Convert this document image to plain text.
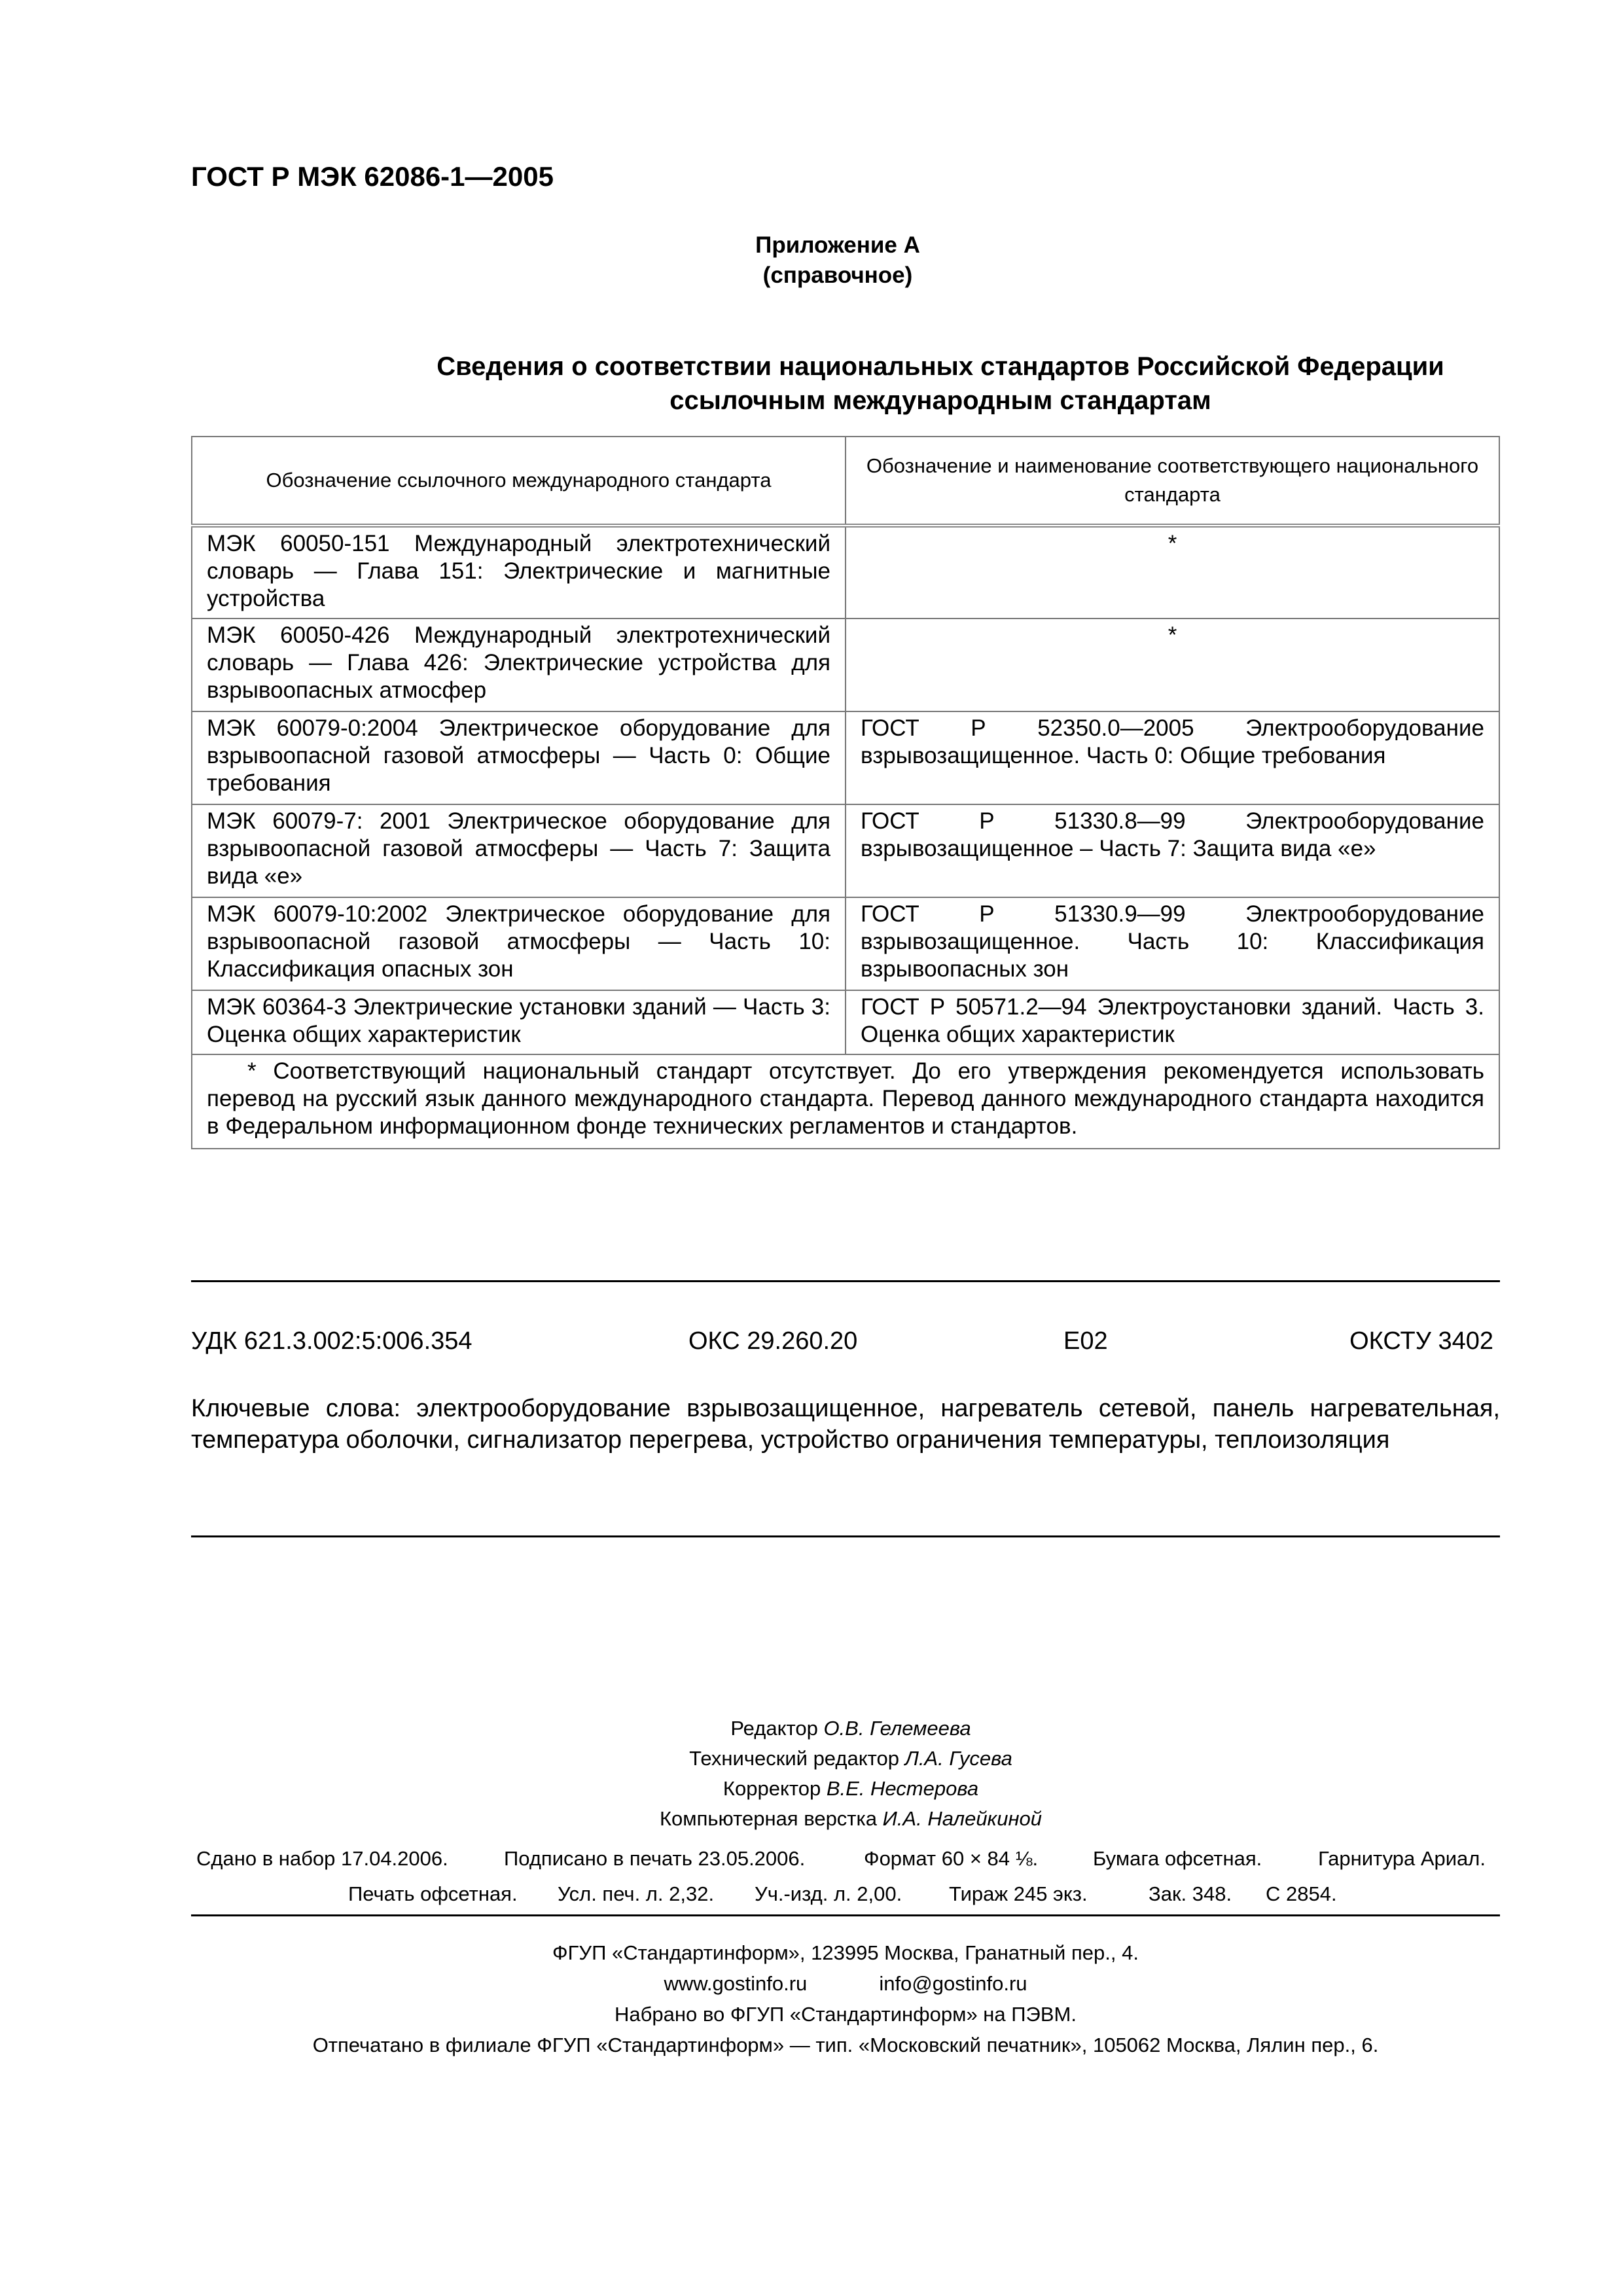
ГОСТ Р МЭК 62086-1—2005
Приложение А
(справочное)
Сведения о соответствии национальных стандартов Российской Федерации
ссылочным международным стандартам
Обозначение ссылочного международного стандарта	Обозначение и наименование соответствующего национального стандарта
МЭК 60050-151 Международный электротехнический словарь — Глава 151: Электрические и магнитные устройства	*
МЭК 60050-426 Международный электротехнический словарь — Глава 426: Электрические устройства для взрывоопасных атмосфер	*
МЭК 60079-0:2004 Электрическое оборудование для взрывоопасной газовой атмосферы — Часть 0: Общие требования	ГОСТ Р 52350.0—2005 Электрооборудование взрывозащищенное. Часть 0: Общие требования
МЭК 60079-7: 2001 Электрическое оборудование для взрывоопасной газовой атмосферы — Часть 7: Защита вида «е»	ГОСТ Р 51330.8—99 Электрооборудование взрывозащищенное – Часть 7: Защита вида «е»
МЭК 60079-10:2002 Электрическое оборудование для взрывоопасной газовой атмосферы — Часть 10: Классификация опасных зон	ГОСТ Р 51330.9—99 Электрооборудование взрывозащищенное. Часть 10: Классификация взрывоопасных зон
МЭК 60364-3 Электрические установки зданий — Часть 3: Оценка общих характеристик	ГОСТ Р 50571.2—94 Электроустановки зданий. Часть 3. Оценка общих характеристик

* Соответствующий национальный стандарт отсутствует. До его утверждения рекомендуется использовать перевод на русский язык данного международного стандарта. Перевод данного международного стандарта находится в Федеральном информационном фонде технических регламентов и стандартов.	
УДК 621.3.002:5:006.354	ОКС 29.260.20	Е02	ОКСТУ 3402
Ключевые слова: электрооборудование взрывозащищенное, нагреватель сетевой, панель нагревательная, температура оболочки, сигнализатор перегрева, устройство ограничения температуры, теплоизоляция
Редактор О.В. Гелемеева
Технический редактор Л.А. Гусева
Корректор В.Е. Нестерова
Компьютерная верстка И.А. Налейкиной
Сдано в набор 17.04.2006.	Подписано в печать 23.05.2006.	Формат 60 × 84 ⅛.	Бумага офсетная.	Гарнитура Ариал.
Печать офсетная. Усл. печ. л. 2,32. Уч.-изд. л. 2,00. Тираж 245 экз.	Зак. 348. С 2854.
ФГУП «Стандартинформ», 123995 Москва, Гранатный пер., 4.
www.gostinfo.ru	info@gostinfo.ru
Набрано во ФГУП «Стандартинформ» на ПЭВМ.
Отпечатано в филиале ФГУП «Стандартинформ» — тип. «Московский печатник», 105062 Москва, Лялин пер., 6.
